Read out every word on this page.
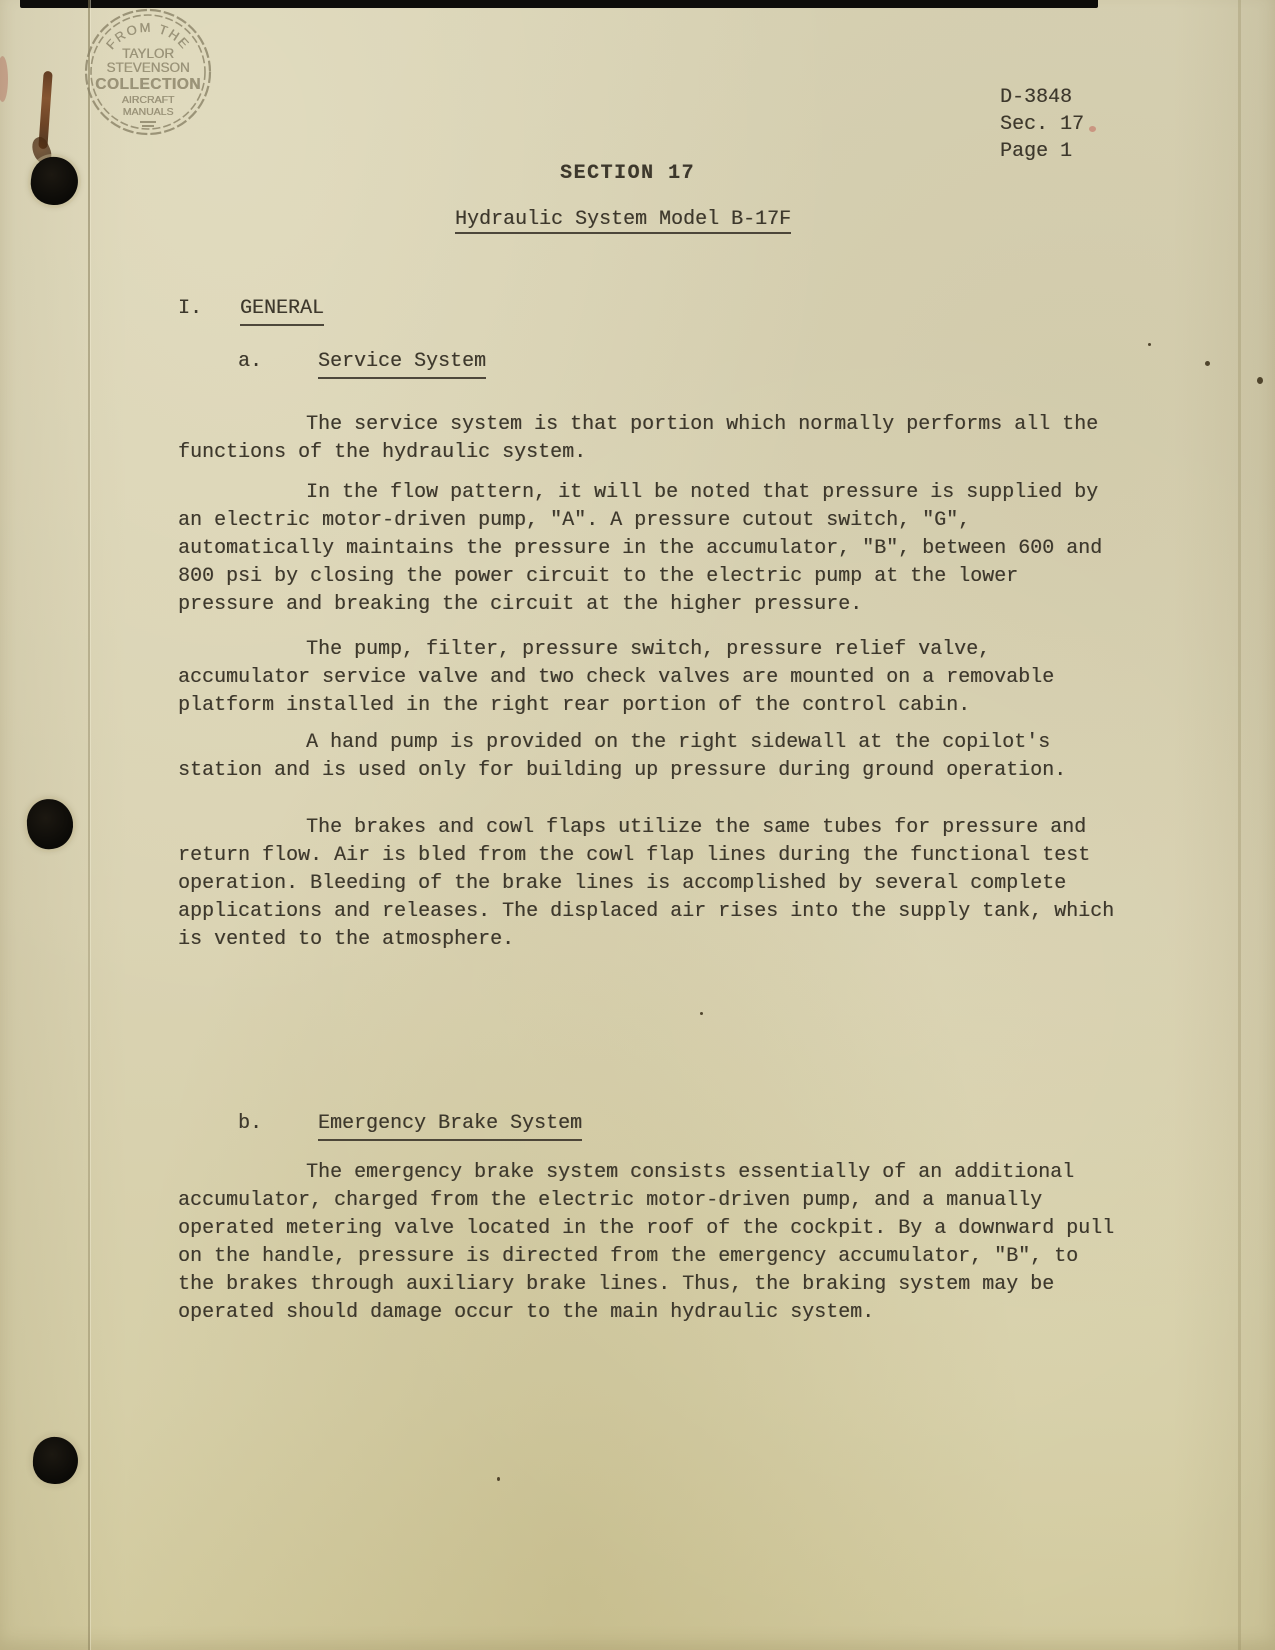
FROM THE
TAYLOR
STEVENSON
COLLECTION
AIRCRAFT
MANUALS
D-3848
Sec. 17
Page 1
SECTION 17
Hydraulic System Model B-17F
I.	GENERAL
a.	Service System

The service system is that portion which normally performs all the functions of the hydraulic system.

In the flow pattern, it will be noted that pressure is supplied by an electric motor-driven pump, "A". A pressure cutout switch, "G", automatically maintains the pressure in the accumulator, "B", between 600 and 800 psi by closing the power circuit to the electric pump at the lower pressure and breaking the circuit at the higher pressure.

The pump, filter, pressure switch, pressure relief valve, accumulator service valve and two check valves are mounted on a removable platform installed in the right rear portion of the control cabin.

A hand pump is provided on the right sidewall at the copilot's station and is used only for building up pressure during ground operation.

The brakes and cowl flaps utilize the same tubes for pressure and return flow. Air is bled from the cowl flap lines during the functional test operation. Bleeding of the brake lines is accomplished by several complete applications and releases. The displaced air rises into the supply tank, which is vented to the atmosphere.

b.	Emergency Brake System

The emergency brake system consists essentially of an additional accumulator, charged from the electric motor-driven pump, and a manually operated metering valve located in the roof of the cockpit. By a downward pull on the handle, pressure is directed from the emergency accumulator, "B", to the brakes through auxiliary brake lines. Thus, the braking system may be operated should damage occur to the main hydraulic system.
